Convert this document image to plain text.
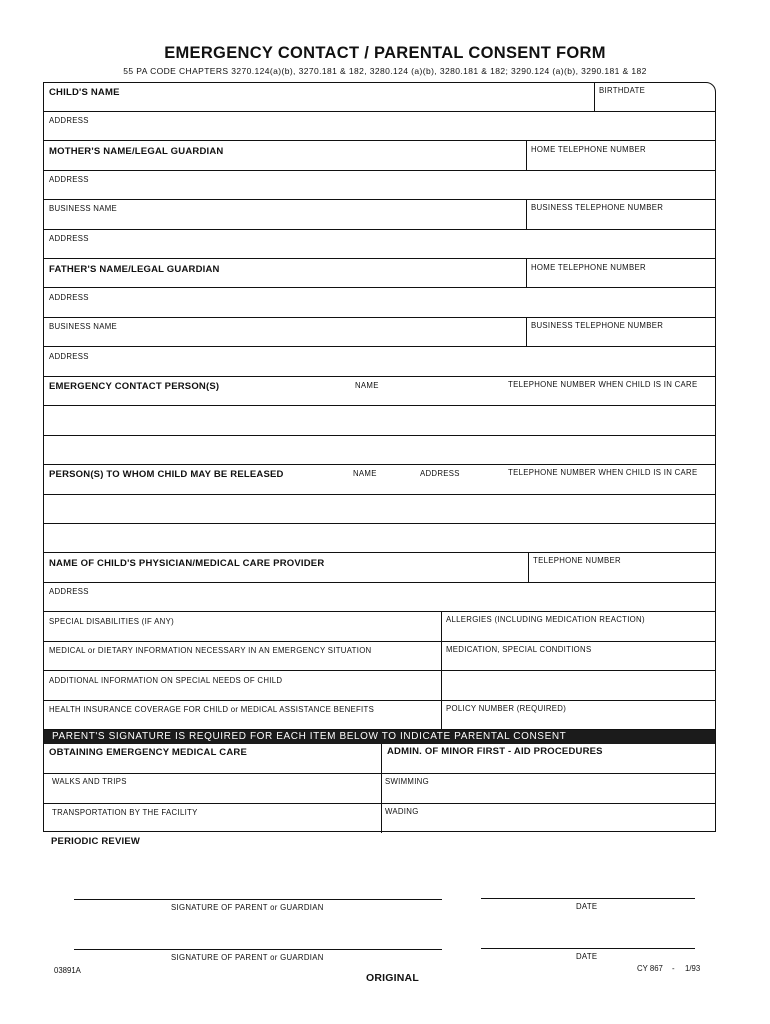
EMERGENCY CONTACT / PARENTAL CONSENT FORM
55 PA CODE CHAPTERS 3270.124(a)(b), 3270.181 & 182, 3280.124 (a)(b), 3280.181 & 182; 3290.124 (a)(b), 3290.181 & 182
CHILD'S NAME	BIRTHDATE
ADDRESS
MOTHER'S NAME/LEGAL GUARDIAN	HOME TELEPHONE NUMBER
ADDRESS
BUSINESS NAME	BUSINESS TELEPHONE NUMBER
ADDRESS
FATHER'S NAME/LEGAL GUARDIAN	HOME TELEPHONE NUMBER
ADDRESS
BUSINESS NAME	BUSINESS TELEPHONE NUMBER
ADDRESS
EMERGENCY CONTACT PERSON(S)	NAME	TELEPHONE NUMBER WHEN CHILD IS IN CARE
PERSON(S) TO WHOM CHILD MAY BE RELEASED	NAME	ADDRESS	TELEPHONE NUMBER WHEN CHILD IS IN CARE
NAME OF CHILD'S PHYSICIAN/MEDICAL CARE PROVIDER	TELEPHONE NUMBER
ADDRESS
SPECIAL DISABILITIES (IF ANY)	ALLERGIES (INCLUDING MEDICATION REACTION)
MEDICAL or DIETARY INFORMATION NECESSARY IN AN EMERGENCY SITUATION	MEDICATION, SPECIAL CONDITIONS
ADDITIONAL INFORMATION ON SPECIAL NEEDS OF CHILD
HEALTH INSURANCE COVERAGE FOR CHILD or MEDICAL ASSISTANCE BENEFITS	POLICY NUMBER (REQUIRED)
PARENT'S SIGNATURE IS REQUIRED FOR EACH ITEM BELOW TO INDICATE PARENTAL CONSENT
OBTAINING EMERGENCY MEDICAL CARE	ADMIN. OF MINOR FIRST - AID PROCEDURES
WALKS AND TRIPS	SWIMMING
TRANSPORTATION BY THE FACILITY	WADING
PERIODIC REVIEW
SIGNATURE OF PARENT or GUARDIAN	DATE
SIGNATURE OF PARENT or GUARDIAN	DATE
03891A
ORIGINAL
CY 867 - 1/93
